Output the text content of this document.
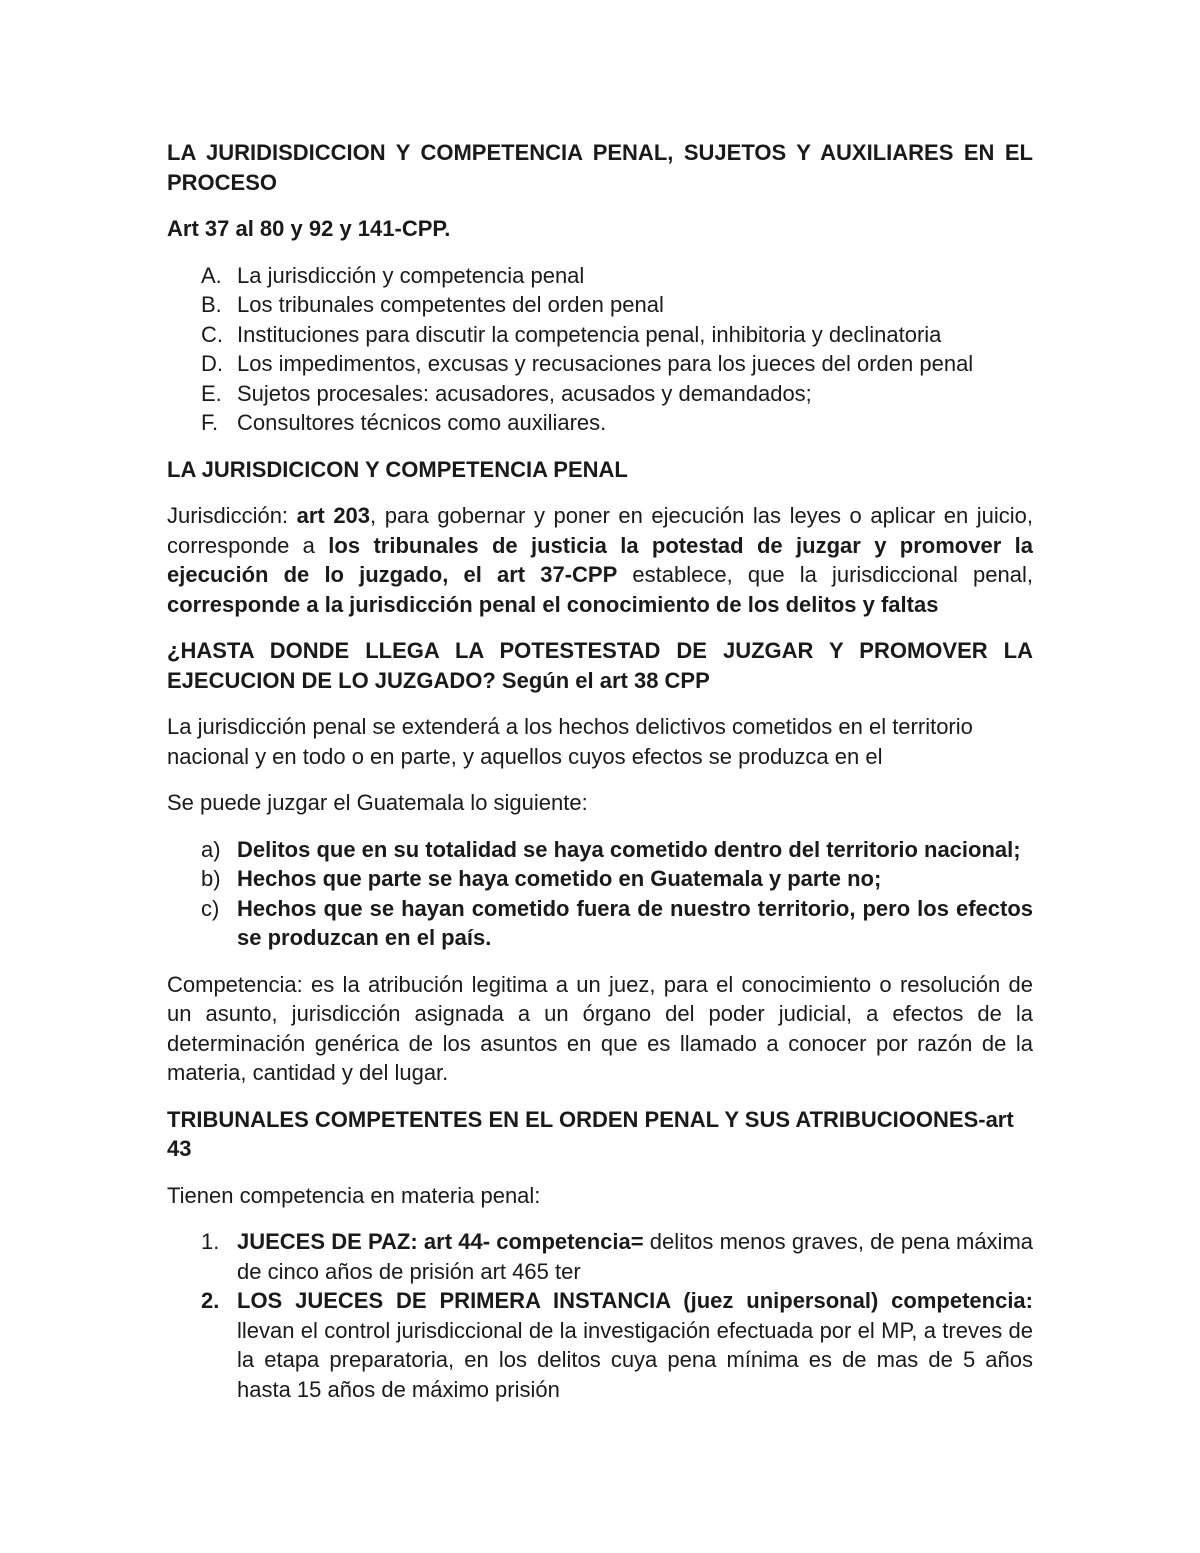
LA JURIDISDICCION Y COMPETENCIA PENAL, SUJETOS Y AUXILIARES EN EL PROCESO

Art 37 al 80 y 92 y 141-CPP.

A. La jurisdicción y competencia penal
B. Los tribunales competentes del orden penal
C. Instituciones para discutir la competencia penal, inhibitoria y declinatoria
D. Los impedimentos, excusas y recusaciones para los jueces del orden penal
E. Sujetos procesales: acusadores, acusados y demandados;
F. Consultores técnicos como auxiliares.

LA JURISDICICON Y COMPETENCIA PENAL

Jurisdicción: art 203, para gobernar y poner en ejecución las leyes o aplicar en juicio, corresponde a los tribunales de justicia la potestad de juzgar y promover la ejecución de lo juzgado, el art 37-CPP establece, que la jurisdiccional penal, corresponde a la jurisdicción penal el conocimiento de los delitos y faltas

¿HASTA DONDE LLEGA LA POTESTESTAD DE JUZGAR Y PROMOVER LA EJECUCION DE LO JUZGADO? Según el art 38 CPP

La jurisdicción penal se extenderá a los hechos delictivos cometidos en el territorio nacional y en todo o en parte, y aquellos cuyos efectos se produzca en el

Se puede juzgar el Guatemala lo siguiente:

a) Delitos que en su totalidad se haya cometido dentro del territorio nacional;
b) Hechos que parte se haya cometido en Guatemala y parte no;
c) Hechos que se hayan cometido fuera de nuestro territorio, pero los efectos se produzcan en el país.

Competencia: es la atribución legitima a un juez, para el conocimiento o resolución de un asunto, jurisdicción asignada a un órgano del poder judicial, a efectos de la determinación genérica de los asuntos en que es llamado a conocer por razón de la materia, cantidad y del lugar.

TRIBUNALES COMPETENTES EN EL ORDEN PENAL Y SUS ATRIBUCIOONES-art 43

Tienen competencia en materia penal:

1. JUECES DE PAZ: art 44- competencia= delitos menos graves, de pena máxima de cinco años de prisión art 465 ter
2. LOS JUECES DE PRIMERA INSTANCIA (juez unipersonal) competencia: llevan el control jurisdiccional de la investigación efectuada por el MP, a treves de la etapa preparatoria, en los delitos cuya pena mínima es de mas de 5 años hasta 15 años de máximo prisión
